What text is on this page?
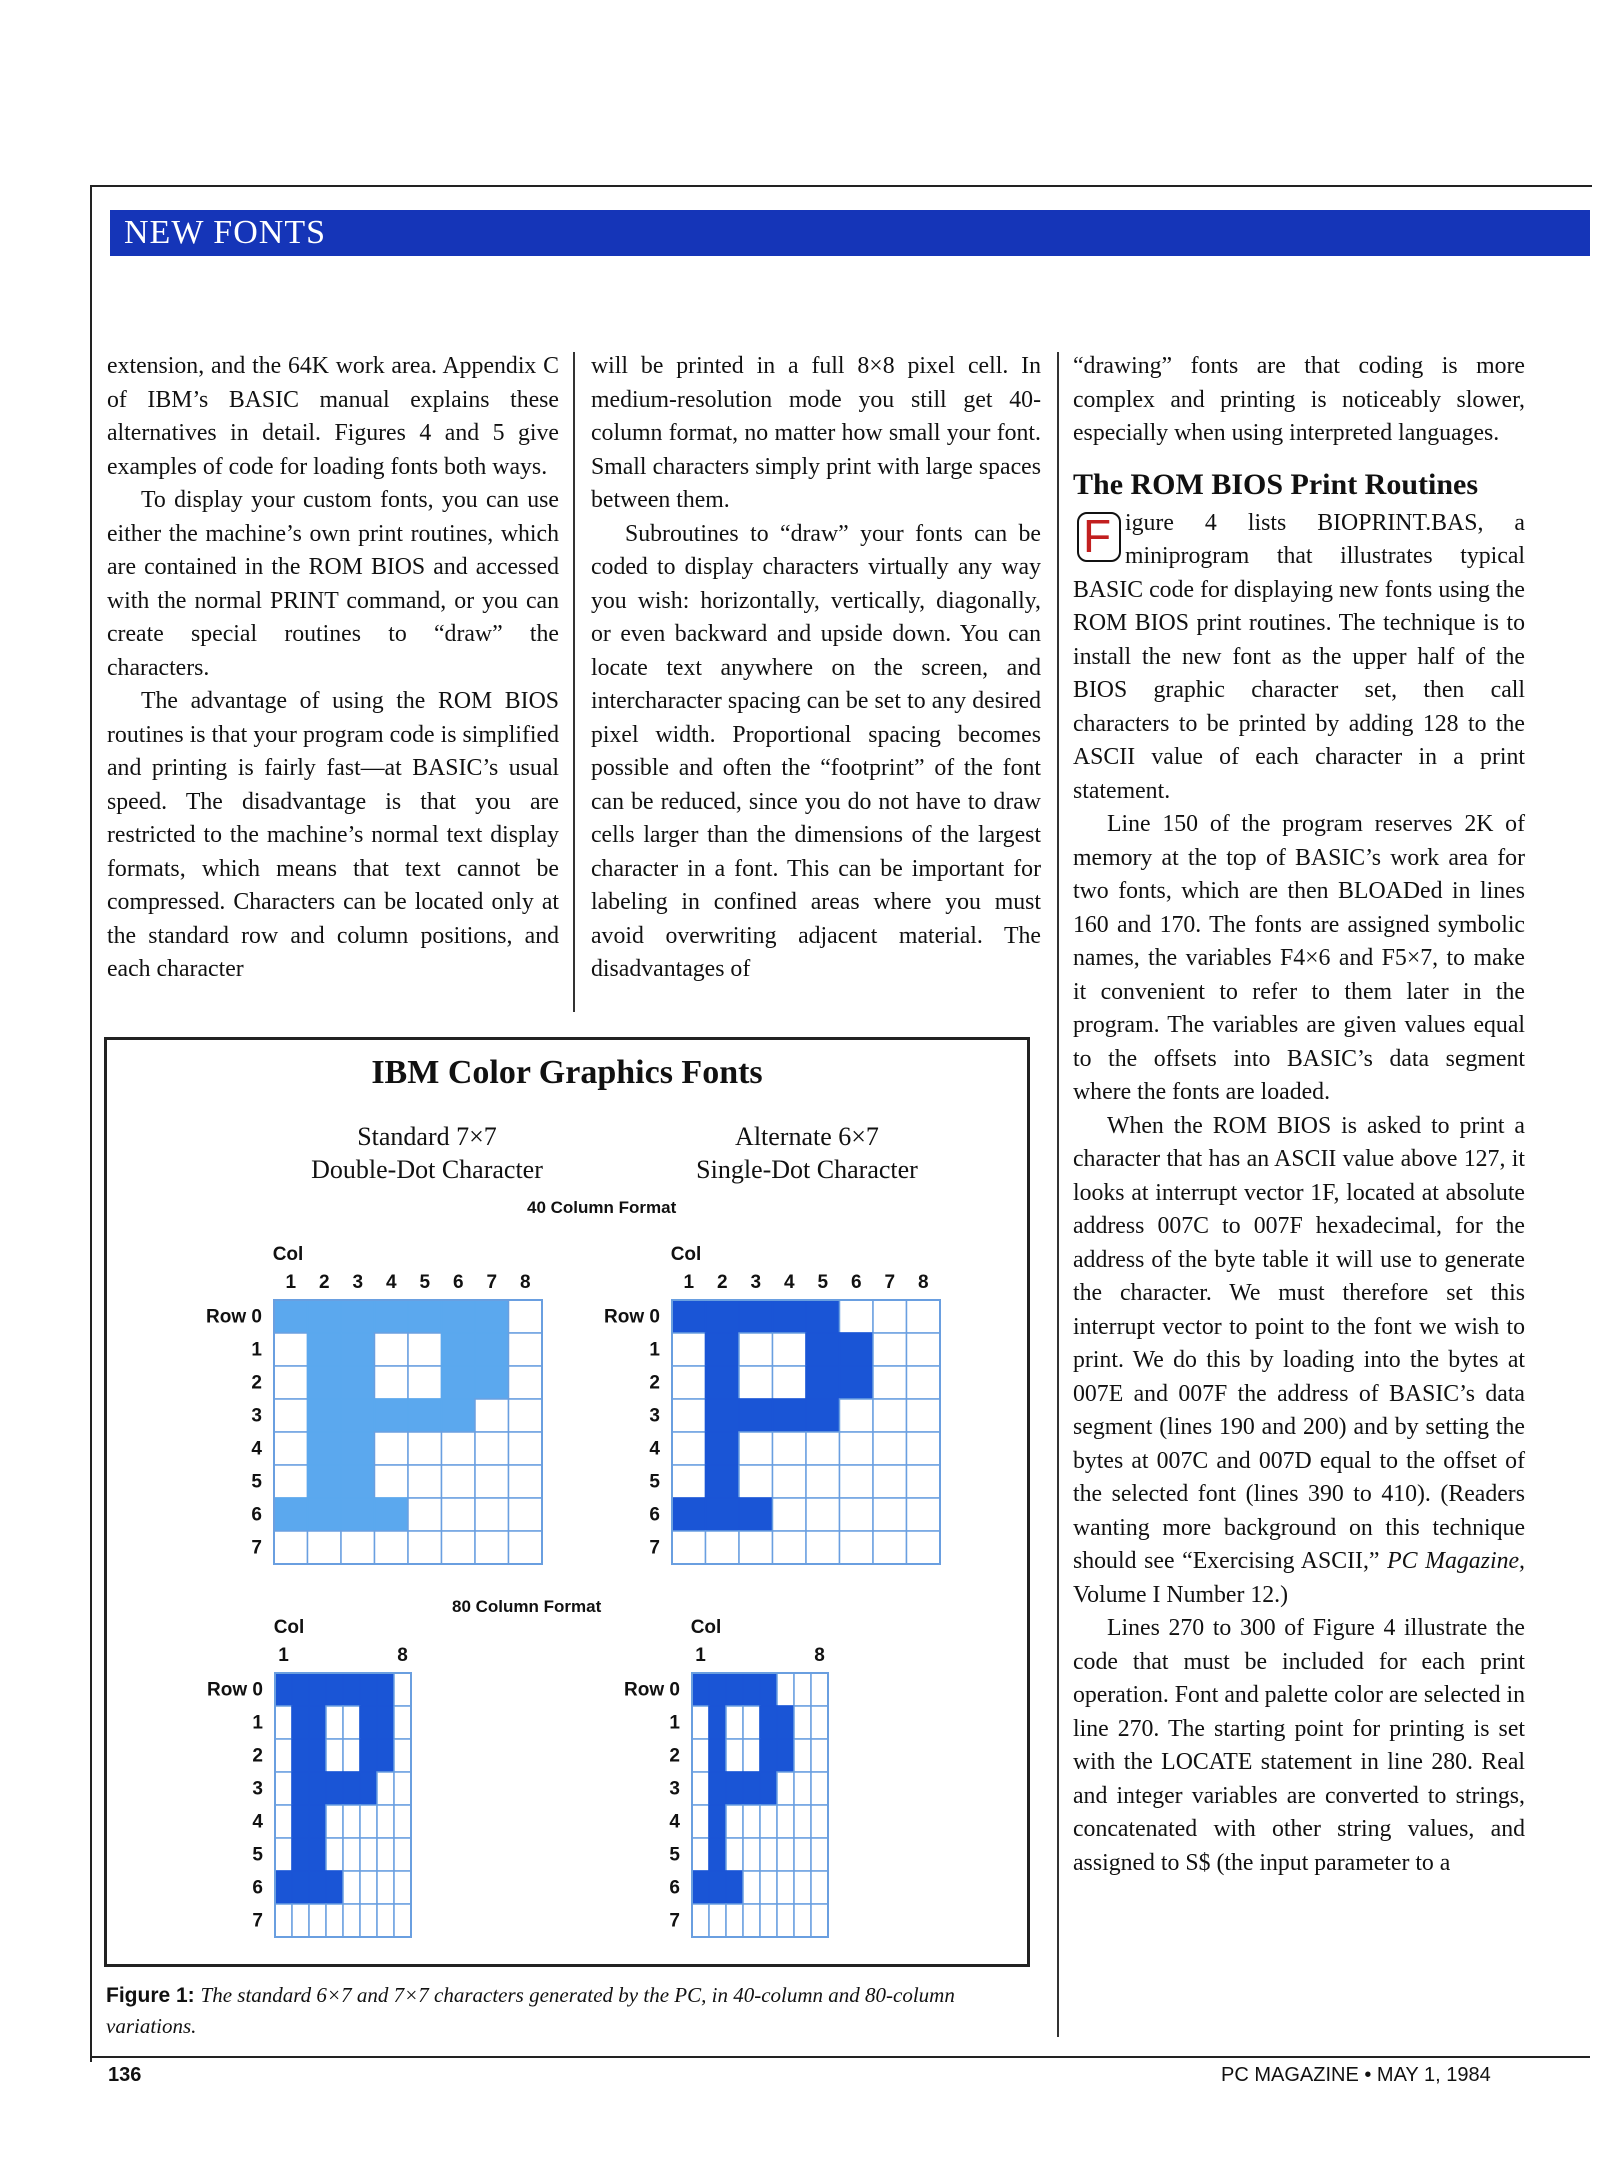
NEW FONTS

extension, and the 64K work area. Appendix C of IBM’s BASIC manual explains these alternatives in detail. Figures 4 and 5 give examples of code for loading fonts both ways.

To display your custom fonts, you can use either the machine’s own print routines, which are contained in the ROM BIOS and accessed with the normal PRINT command, or you can create special routines to “draw” the characters.

The advantage of using the ROM BIOS routines is that your program code is simplified and printing is fairly fast—at BASIC’s usual speed. The disadvantage is that you are restricted to the machine’s normal text display formats, which means that text cannot be compressed. Characters can be located only at the standard row and column positions, and each character

will be printed in a full 8×8 pixel cell. In medium-resolution mode you still get 40-column format, no matter how small your font. Small characters simply print with large spaces between them.

Subroutines to “draw” your fonts can be coded to display characters virtually any way you wish: horizontally, vertically, diagonally, or even backward and upside down. You can locate text anywhere on the screen, and intercharacter spacing can be set to any desired pixel width. Proportional spacing becomes possible and often the “footprint” of the font can be reduced, since you do not have to draw cells larger than the dimensions of the largest character in a font. This can be important for labeling in confined areas where you must avoid overwriting adjacent material. The disadvantages of

“drawing” fonts are that coding is more complex and printing is noticeably slower, especially when using interpreted languages.

The ROM BIOS Print Routines

F igure 4 lists BIOPRINT.BAS, a miniprogram that illustrates typical BASIC code for displaying new fonts using the ROM BIOS print routines. The technique is to install the new font as the upper half of the BIOS graphic character set, then call characters to be printed by adding 128 to the ASCII value of each character in a print statement.

Line 150 of the program reserves 2K of memory at the top of BASIC’s work area for two fonts, which are then BLOADed in lines 160 and 170. The fonts are assigned symbolic names, the variables F4×6 and F5×7, to make it convenient to refer to them later in the program. The variables are given values equal to the offsets into BASIC’s data segment where the fonts are loaded.

When the ROM BIOS is asked to print a character that has an ASCII value above 127, it looks at interrupt vector 1F, located at absolute address 007C to 007F hexadecimal, for the address of the byte table it will use to generate the character. We must therefore set this interrupt vector to point to the font we wish to print. We do this by loading into the bytes at 007E and 007F the address of BASIC’s data segment (lines 190 and 200) and by setting the bytes at 007C and 007D equal to the offset of the selected font (lines 390 to 410). (Readers wanting more background on this technique should see “Exercising ASCII,” PC Magazine, Volume I Number 12.)

Lines 270 to 300 of Figure 4 illustrate the code that must be included for each print operation. Font and palette color are selected in line 270. The starting point for printing is set with the LOCATE statement in line 280. Real and integer variables are converted to strings, concatenated with other string values, and assigned to S$ (the input parameter to a

IBM Color Graphics Fonts
Standard 7×7
Double-Dot Character
Alternate 6×7
Single-Dot Character
40 Column Format
80 Column Format
Col
1 2 3 4 5 6 7 8
Row 0
1
2
3
4
5
6
7
Col
1 2 3 4 5 6 7 8
Row 0
1
2
3
4
5
6
7
Col
1	8
Row 0
1
2
3
4
5
6
7
Col
1	8
Row 0
1
2
3
4
5
6
7
Figure 1: The standard 6×7 and 7×7 characters generated by the PC, in 40-column and 80-column variations.
136	PC MAGAZINE • MAY 1, 1984
